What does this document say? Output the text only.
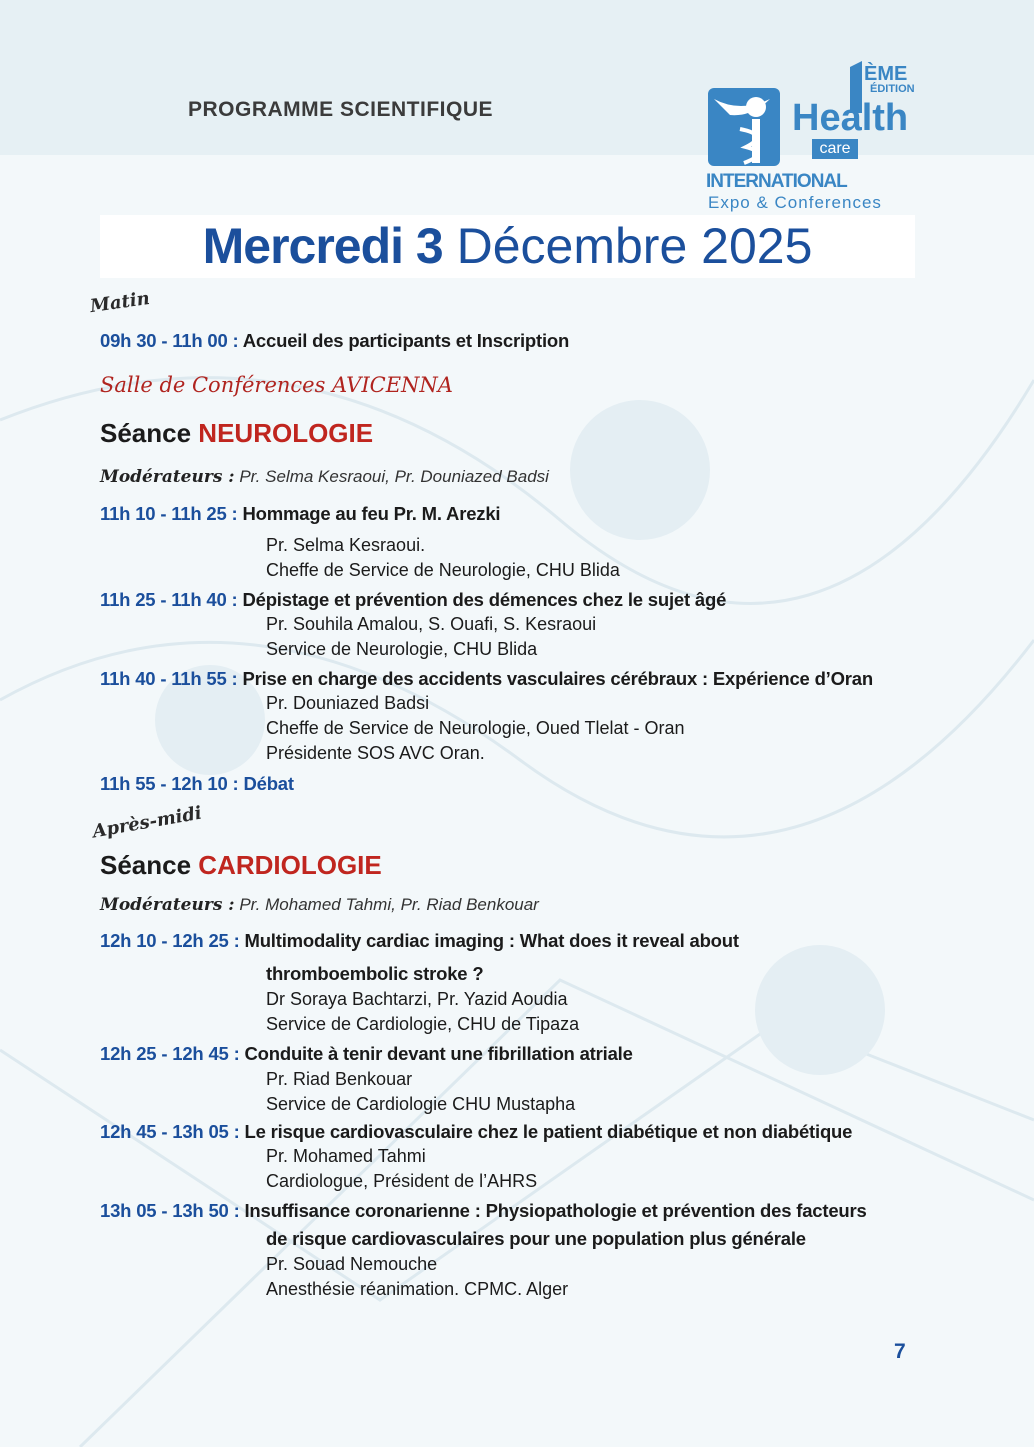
PROGRAMME SCIENTIFIQUE
ÈME
ÉDITION
Health
care
INTERNATIONAL
Expo & Conferences
Mercredi 3 Décembre 2025
Matin
09h 30 - 11h 00 : Accueil des participants et Inscription
Salle de Conférences AVICENNA
Séance NEUROLOGIE
Modérateurs : Pr. Selma Kesraoui, Pr. Douniazed Badsi
11h 10 - 11h 25 : Hommage au feu Pr. M. Arezki
Pr. Selma Kesraoui.
Cheffe de Service de Neurologie, CHU Blida
11h 25 - 11h 40 : Dépistage et prévention des démences chez le sujet âgé
Pr. Souhila Amalou, S. Ouafi, S. Kesraoui
Service de Neurologie, CHU Blida
11h 40 - 11h 55 : Prise en charge des accidents vasculaires cérébraux : Expérience d’Oran
Pr. Douniazed Badsi
Cheffe de Service de Neurologie, Oued Tlelat - Oran
Présidente SOS AVC Oran.
11h 55 - 12h 10 : Débat
Après-midi
Séance CARDIOLOGIE
Modérateurs : Pr. Mohamed Tahmi, Pr. Riad Benkouar
12h 10 - 12h 25 : Multimodality cardiac imaging : What does it reveal about
thromboembolic stroke ?
Dr Soraya Bachtarzi, Pr. Yazid Aoudia
Service de Cardiologie, CHU de Tipaza
12h 25 - 12h 45 : Conduite à tenir devant une fibrillation atriale
Pr. Riad Benkouar
Service de Cardiologie CHU Mustapha
12h 45 - 13h 05 : Le risque cardiovasculaire chez le patient diabétique et non diabétique
Pr. Mohamed Tahmi
Cardiologue, Président de l’AHRS
13h 05 - 13h 50 : Insuffisance coronarienne : Physiopathologie et prévention des facteurs
de risque cardiovasculaires pour une population plus générale
Pr. Souad Nemouche
Anesthésie réanimation. CPMC. Alger
7
